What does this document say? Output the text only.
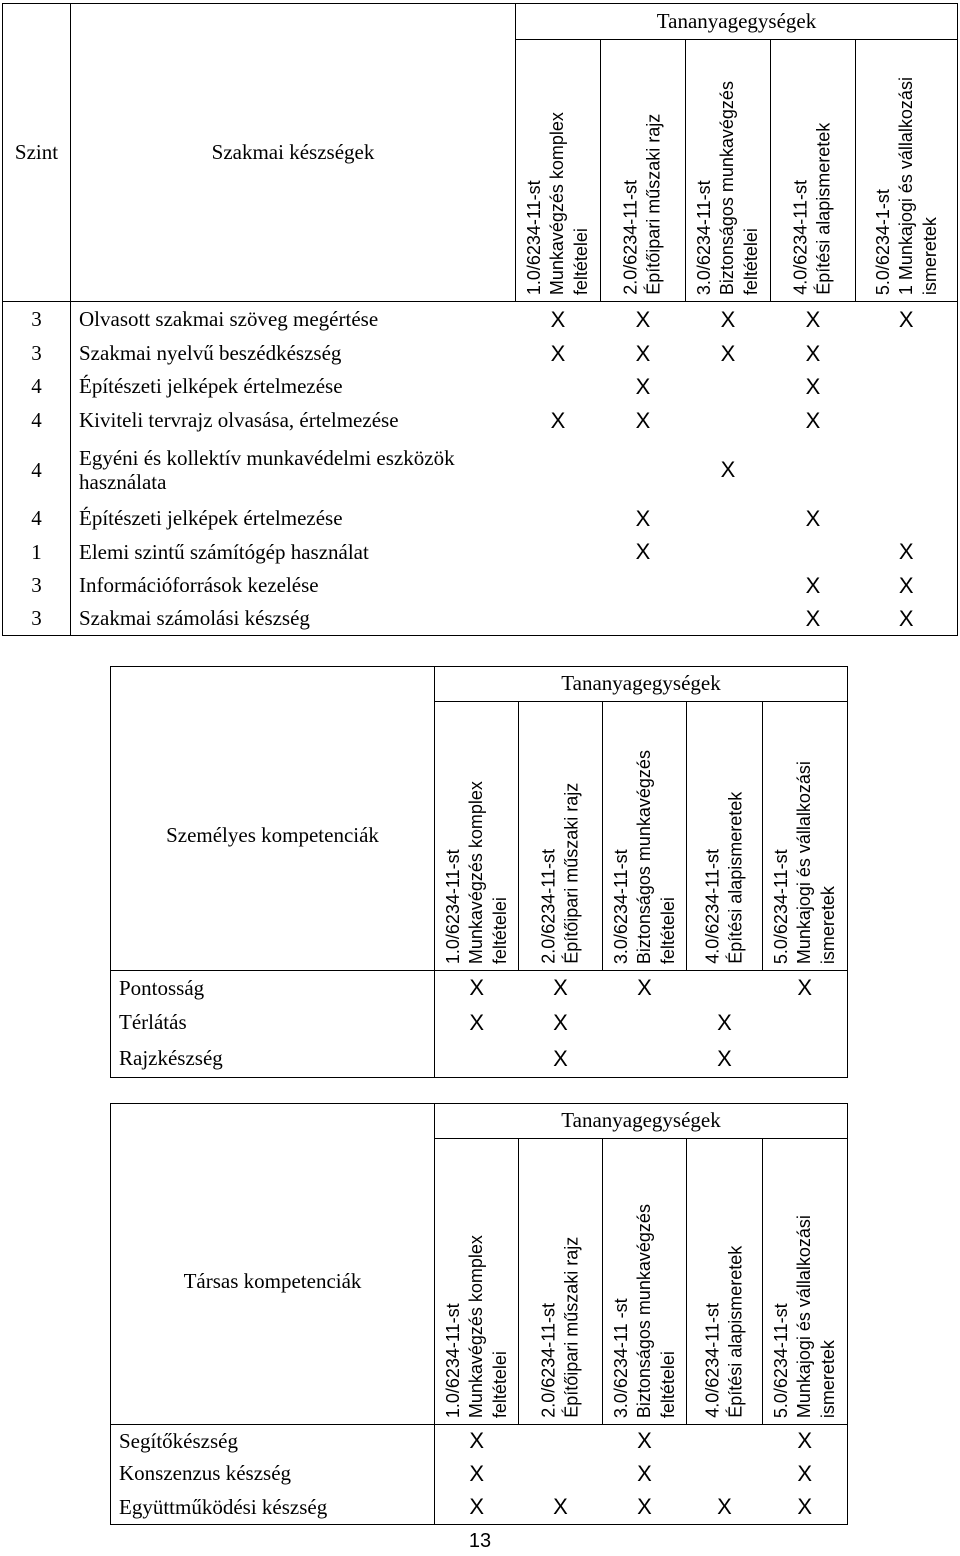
Szint	Szakmai készségek	Tananyagegységek				

		1.0/6234-11-st Munkavégzés komplex feltételei	2.0/6234-11-st Építőipari műszaki rajz	3.0/6234-11-st Biztonságos munkavégzés feltételei	4.0/6234-11-st Építési alapismeretek	5.0/6234-1-st 1 Munkajogi és vállalkozási ismeretek

3	Olvasott szakmai szöveg megértése	X	X	X	X	X
3	Szakmai nyelvű beszédkészség	X	X	X	X	
4	Építészeti jelképek értelmezése		X		X	
4	Kiviteli tervrajz olvasása, értelmezése	X	X		X	
4	Egyéni és kollektív munkavédelmi eszközök használata			X		
4	Építészeti jelképek értelmezése		X		X	
1	Elemi szintű számítógép használat		X			X
3	Információforrások kezelése				X	X
3	Szakmai számolási készség				X	X
	Tananyagegységek				
Személyes kompetenciák	1.0/6234-11-st Munkavégzés komplex feltételei	2.0/6234-11-st Építőipari műszaki rajz	3.0/6234-11-st Biztonságos munkavégzés feltételei	4.0/6234-11-st Építési alapismeretek	5.0/6234-11-st Munkajogi és vállalkozási ismeretek

Pontosság	X	X	X		X
Térlátás	X	X		X	
Rajzkészség		X		X	
	Tananyagegységek				
Társas kompetenciák	1.0/6234-11-st Munkavégzés komplex feltételei	2.0/6234-11-st Építőipari műszaki rajz	3.0/6234-11 -st Biztonságos munkavégzés feltételei	4.0/6234-11-st Építési alapismeretek	5.0/6234-11-st Munkajogi és vállalkozási ismeretek

Segítőkészség	X		X		X
Konszenzus készség	X		X		X
Együttműködési készség	X	X	X	X	X
13
